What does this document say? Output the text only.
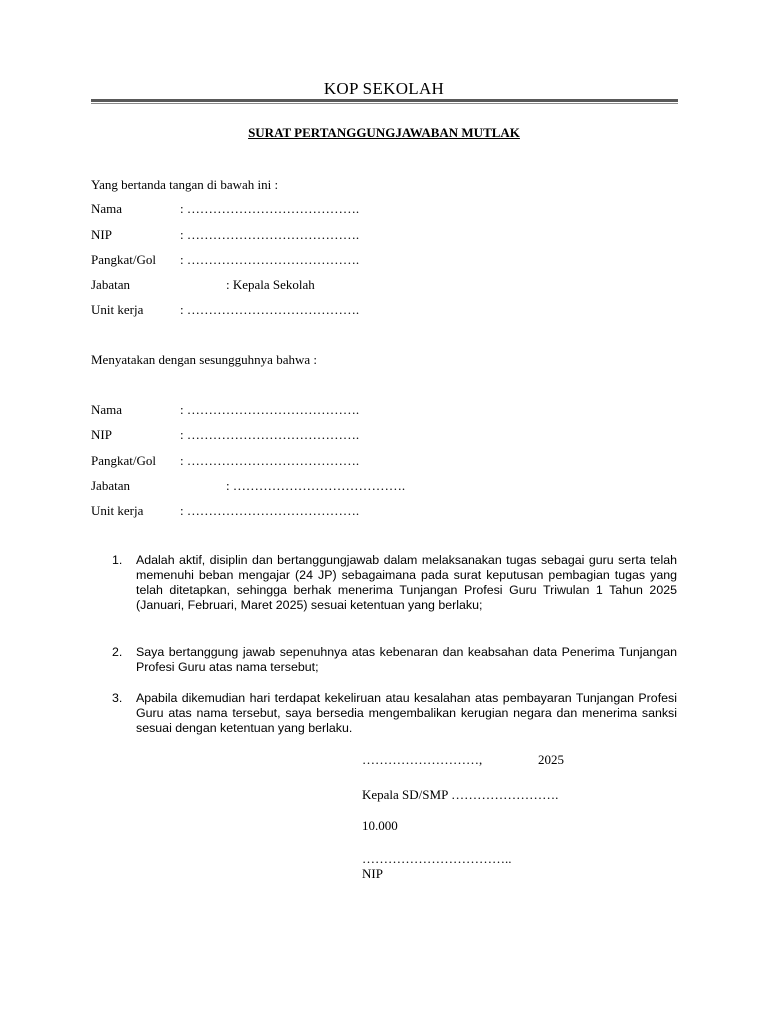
KOP SEKOLAH
SURAT PERTANGGUNGJAWABAN MUTLAK
Yang bertanda tangan di bawah ini :
Nama	: ………………………………….
NIP	: ………………………………….
Pangkat/Gol : ………………………………….
Jabatan	: Kepala Sekolah
Unit kerja	: ………………………………….
Menyatakan dengan sesungguhnya bahwa :
Nama	: ………………………………….
NIP	: ………………………………….
Pangkat/Gol : ………………………………….
Jabatan	: ………………………………….
Unit kerja	: ………………………………….
1. Adalah aktif, disiplin dan bertanggungjawab dalam melaksanakan tugas sebagai guru serta telah memenuhi beban mengajar (24 JP) sebagaimana pada surat keputusan pembagian tugas yang telah ditetapkan, sehingga berhak menerima Tunjangan Profesi Guru Triwulan 1 Tahun 2025 (Januari, Februari, Maret 2025) sesuai ketentuan yang berlaku;
2. Saya bertanggung jawab sepenuhnya atas kebenaran dan keabsahan data Penerima Tunjangan Profesi Guru atas nama tersebut;
3. Apabila dikemudian hari terdapat kekeliruan atau kesalahan atas pembayaran Tunjangan Profesi Guru atas nama tersebut, saya bersedia mengembalikan kerugian negara dan menerima sanksi sesuai dengan ketentuan yang berlaku.
………………………,	2025
Kepala SD/SMP …………………….
10.000
……………………………..
NIP
